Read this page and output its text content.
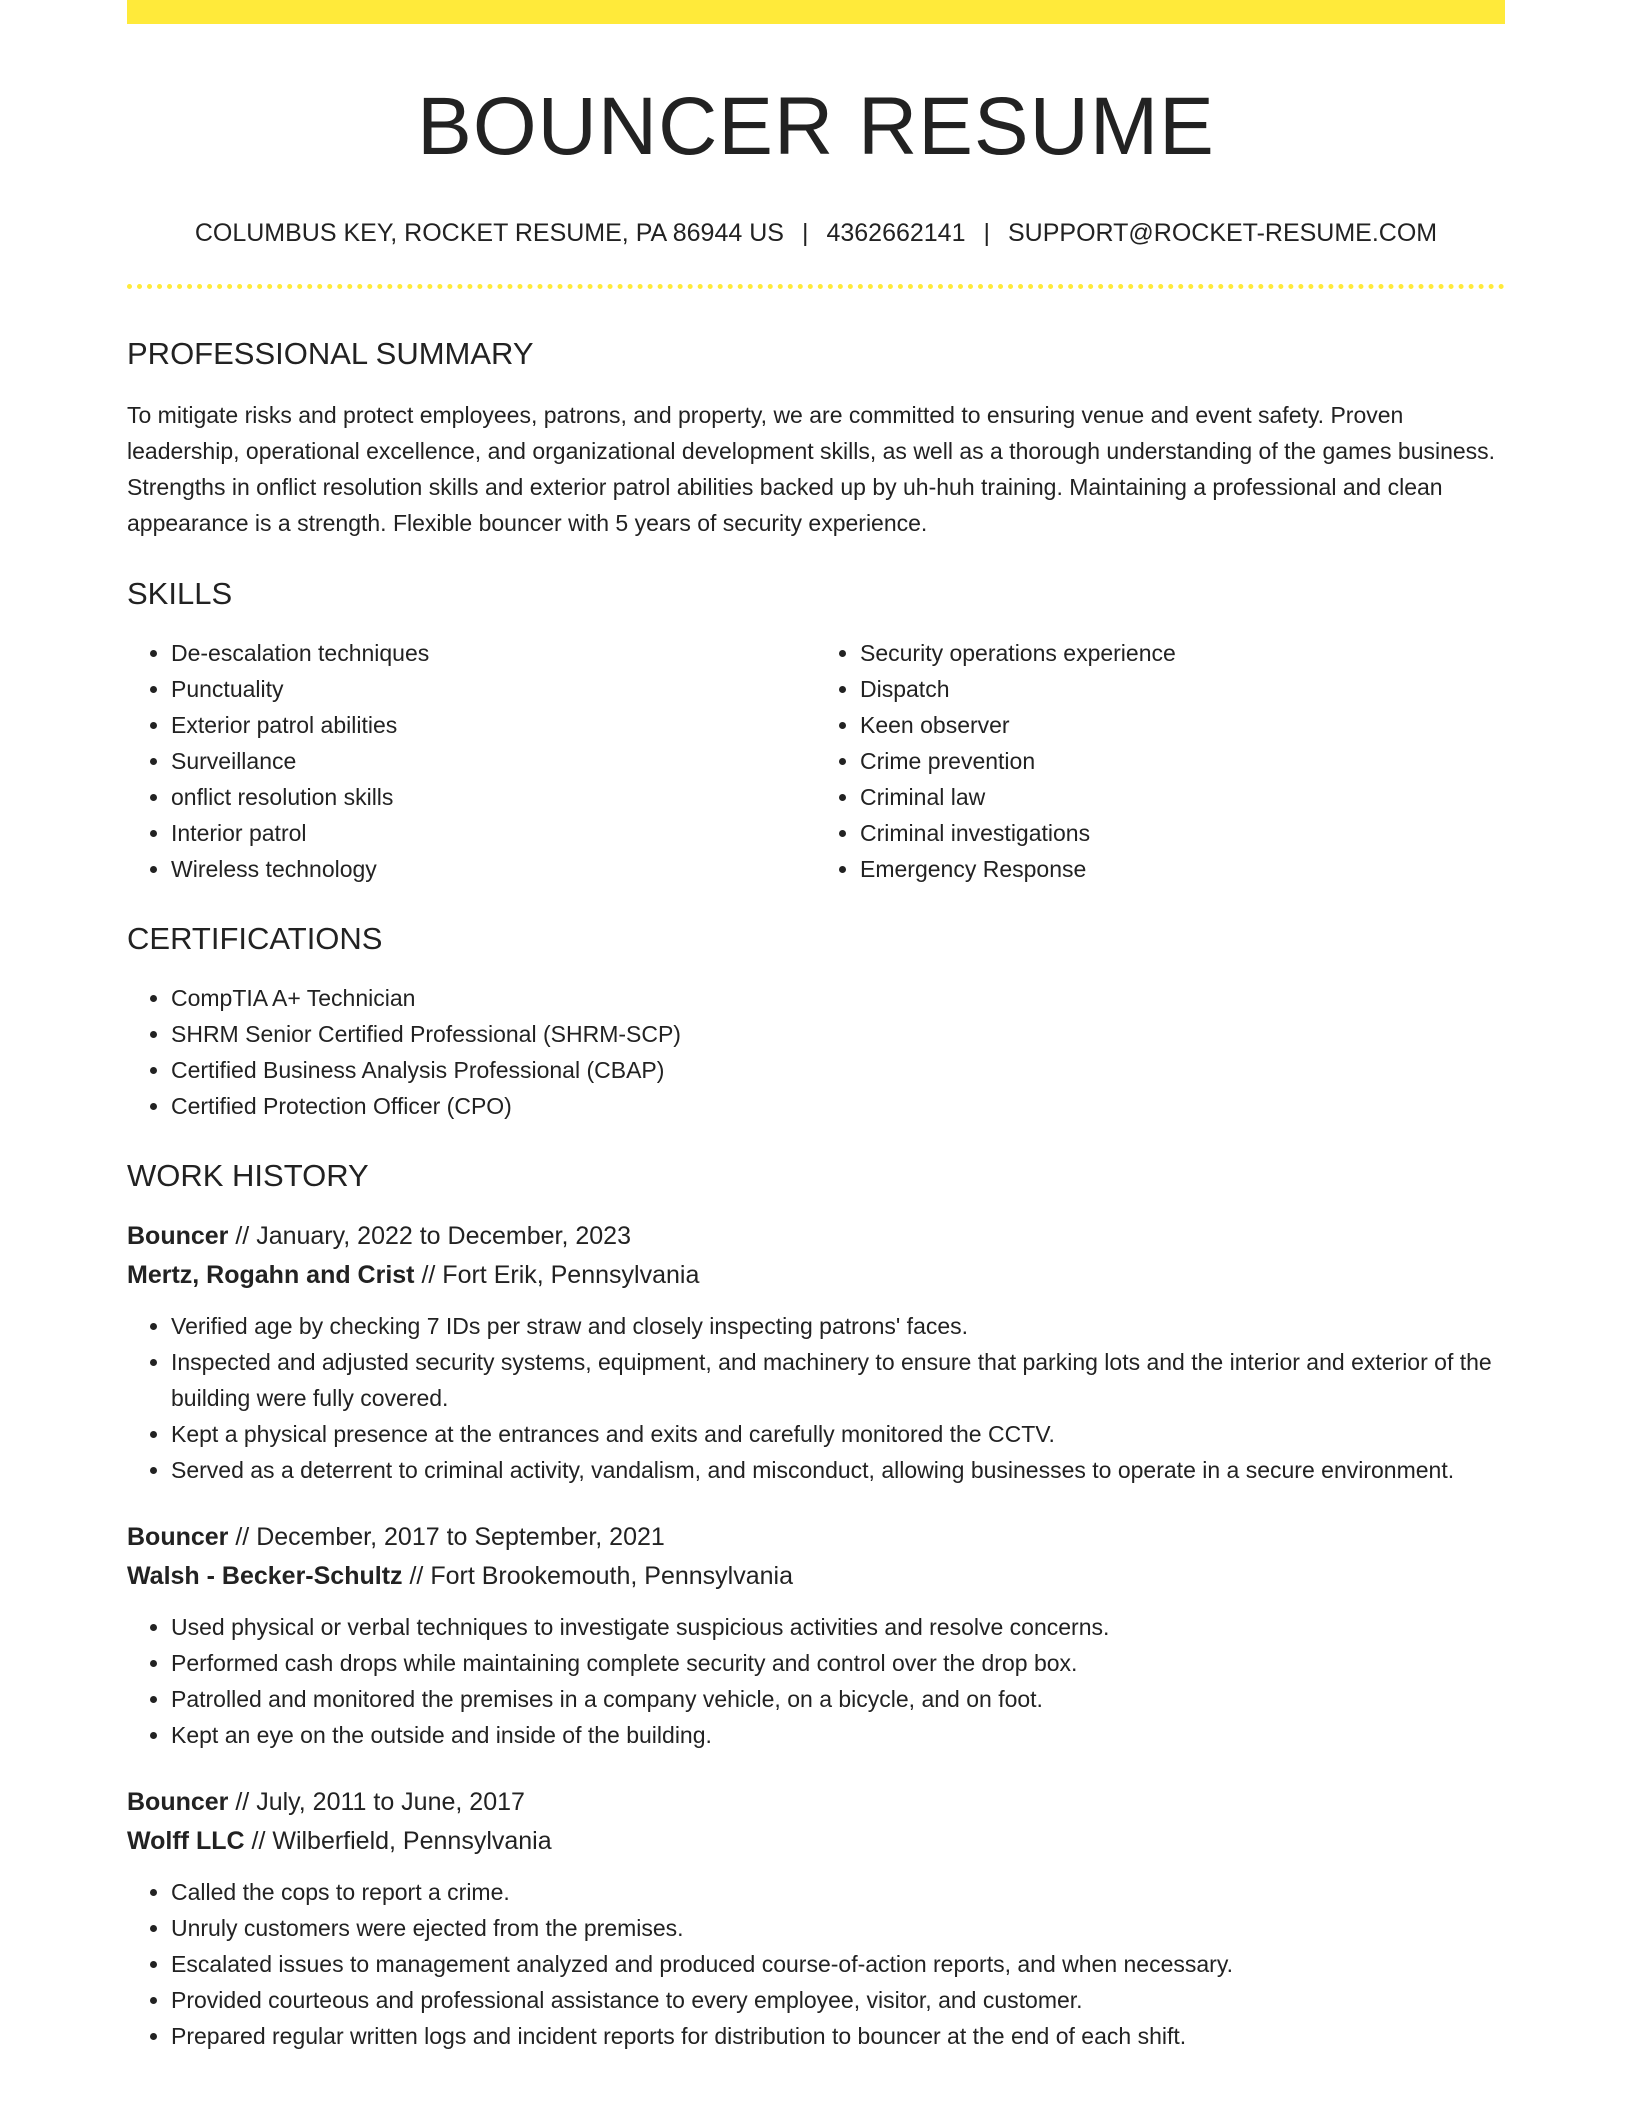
BOUNCER RESUME
COLUMBUS KEY, ROCKET RESUME, PA 86944 US | 4362662141 | SUPPORT@ROCKET-RESUME.COM
PROFESSIONAL SUMMARY
To mitigate risks and protect employees, patrons, and property, we are committed to ensuring venue and event safety. Proven leadership, operational excellence, and organizational development skills, as well as a thorough understanding of the games business. Strengths in onflict resolution skills and exterior patrol abilities backed up by uh-huh training. Maintaining a professional and clean appearance is a strength. Flexible bouncer with 5 years of security experience.
SKILLS
• De-escalation techniques
• Punctuality
• Exterior patrol abilities
• Surveillance
• onflict resolution skills
• Interior patrol
• Wireless technology
• Security operations experience
• Dispatch
• Keen observer
• Crime prevention
• Criminal law
• Criminal investigations
• Emergency Response
CERTIFICATIONS
• CompTIA A+ Technician
• SHRM Senior Certified Professional (SHRM-SCP)
• Certified Business Analysis Professional (CBAP)
• Certified Protection Officer (CPO)
WORK HISTORY
Bouncer // January, 2022 to December, 2023
Mertz, Rogahn and Crist // Fort Erik, Pennsylvania
• Verified age by checking 7 IDs per straw and closely inspecting patrons' faces.
• Inspected and adjusted security systems, equipment, and machinery to ensure that parking lots and the interior and exterior of the building were fully covered.
• Kept a physical presence at the entrances and exits and carefully monitored the CCTV.
• Served as a deterrent to criminal activity, vandalism, and misconduct, allowing businesses to operate in a secure environment.
Bouncer // December, 2017 to September, 2021
Walsh - Becker-Schultz // Fort Brookemouth, Pennsylvania
• Used physical or verbal techniques to investigate suspicious activities and resolve concerns.
• Performed cash drops while maintaining complete security and control over the drop box.
• Patrolled and monitored the premises in a company vehicle, on a bicycle, and on foot.
• Kept an eye on the outside and inside of the building.
Bouncer // July, 2011 to June, 2017
Wolff LLC // Wilberfield, Pennsylvania
• Called the cops to report a crime.
• Unruly customers were ejected from the premises.
• Escalated issues to management analyzed and produced course-of-action reports, and when necessary.
• Provided courteous and professional assistance to every employee, visitor, and customer.
• Prepared regular written logs and incident reports for distribution to bouncer at the end of each shift.
